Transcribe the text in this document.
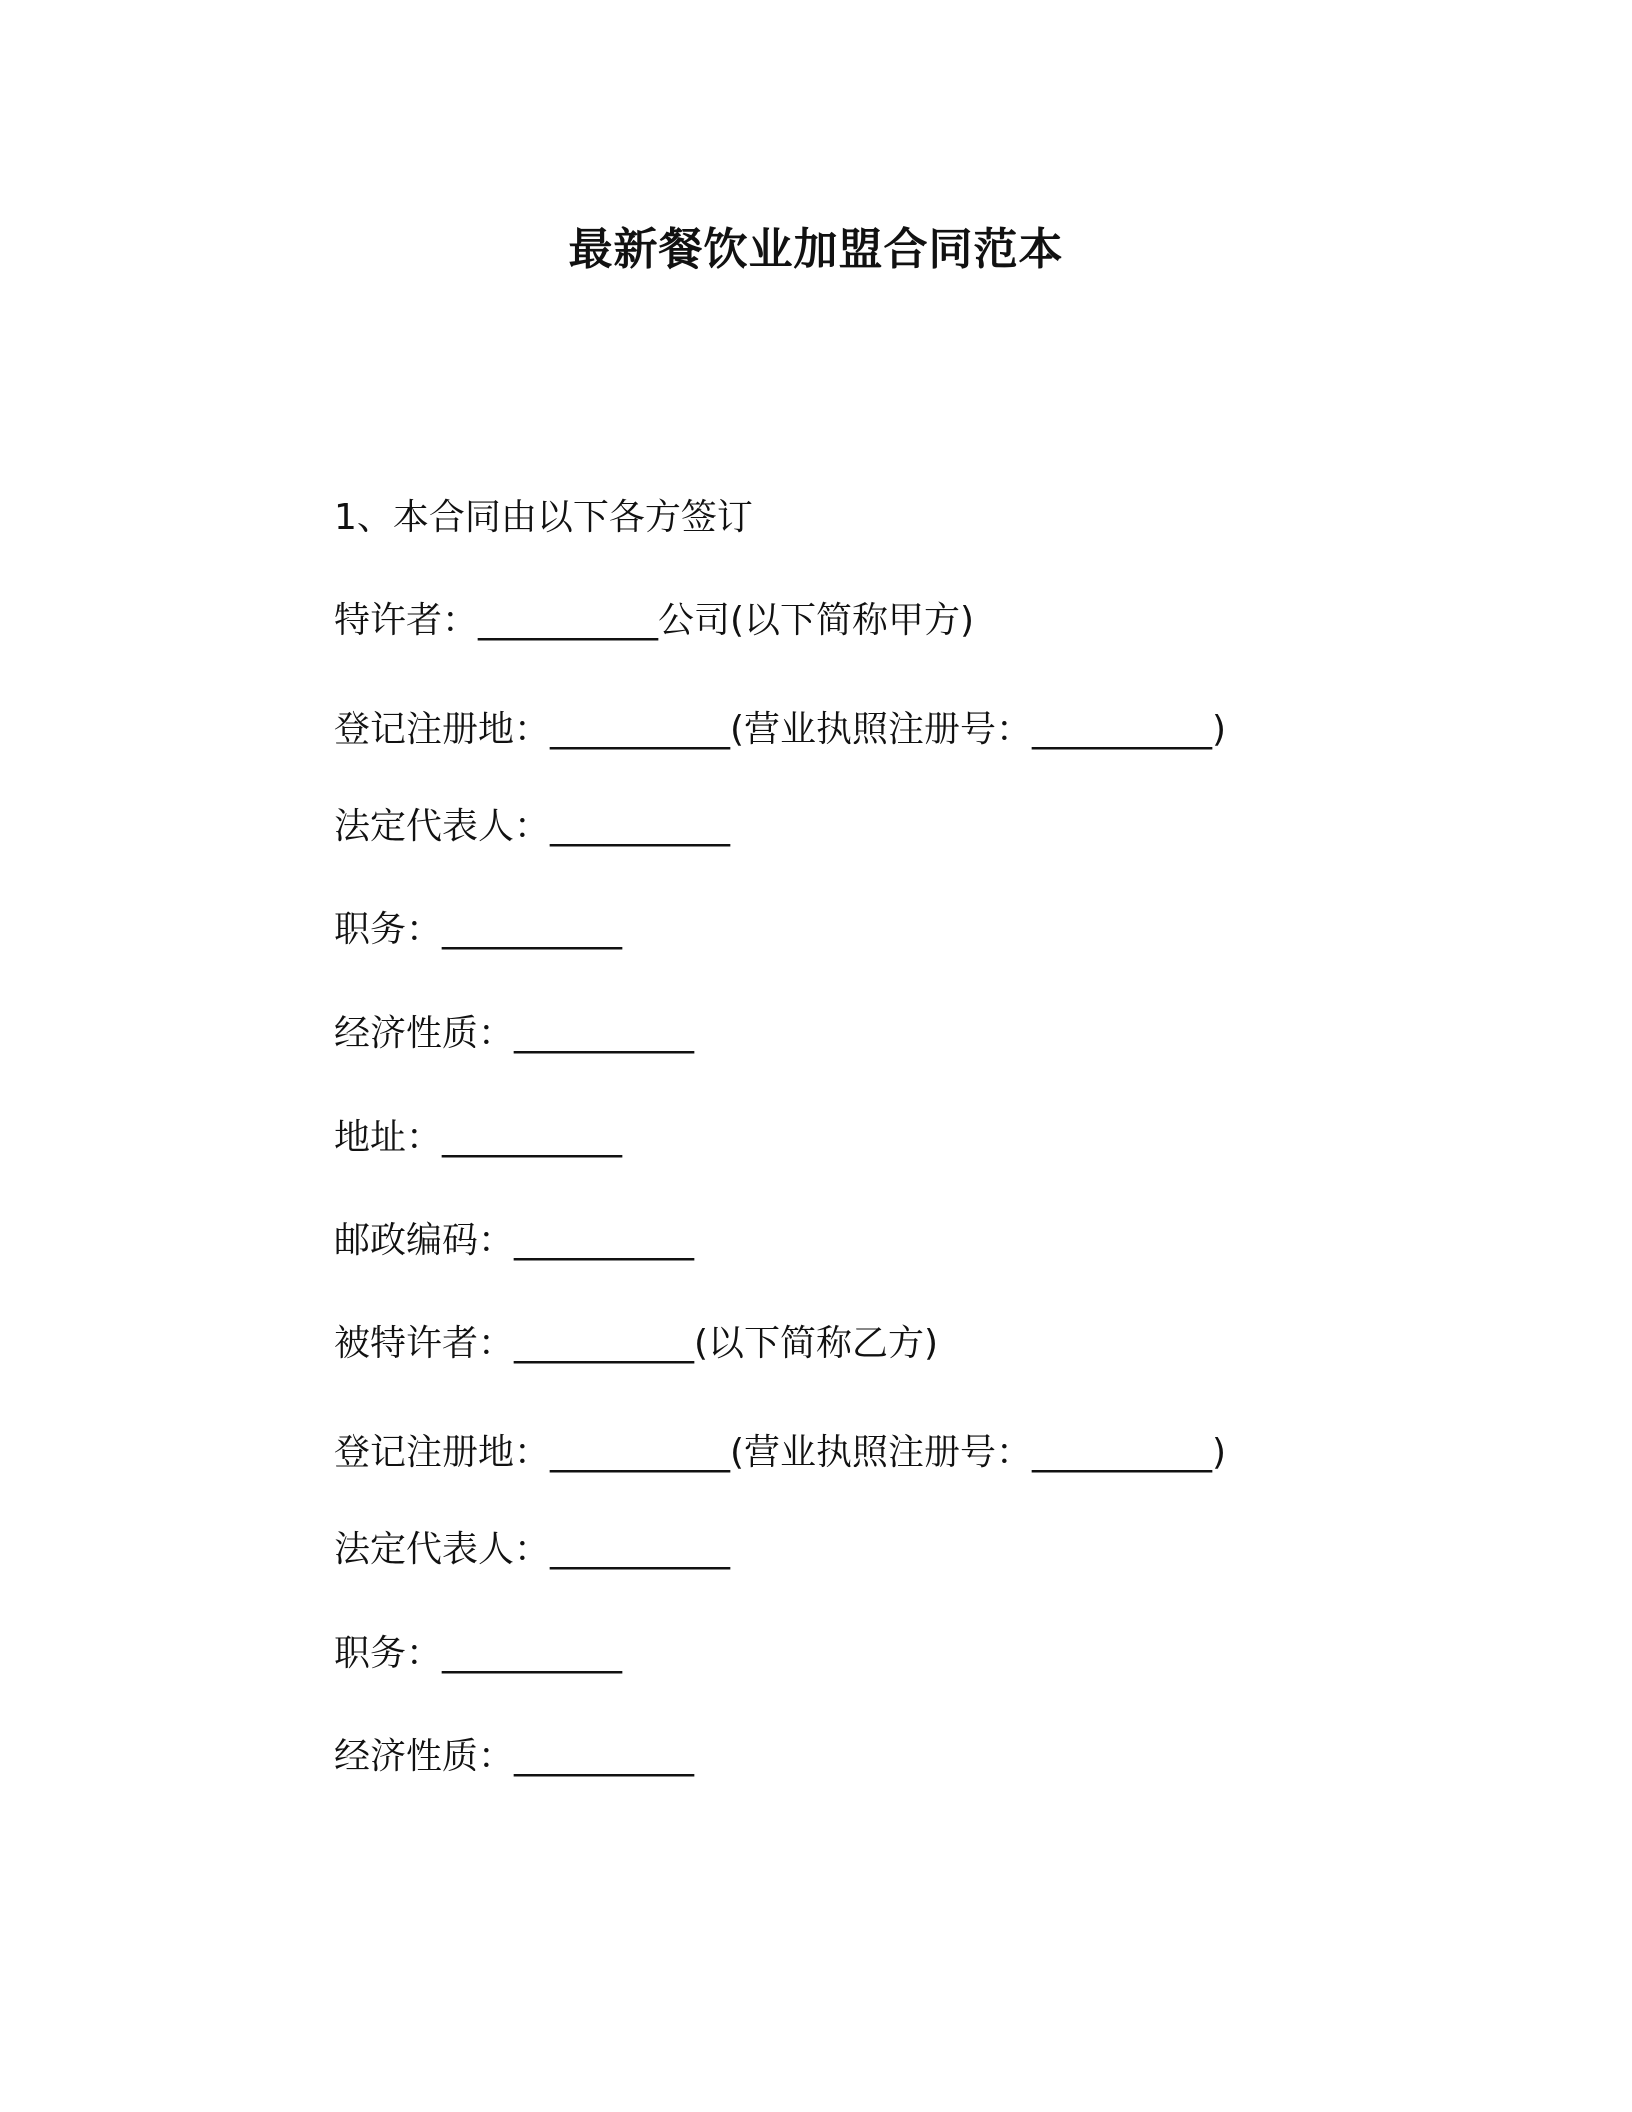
最新餐饮业加盟合同范本

1、本合同由以下各方签订

特许者：__________公司(以下简称甲方)

登记注册地：__________(营业执照注册号：__________)

法定代表人：__________

职务：__________

经济性质：__________

地址：__________

邮政编码：__________

被特许者：__________(以下简称乙方)

登记注册地：__________(营业执照注册号：__________)

法定代表人：__________

职务：__________

经济性质：__________
